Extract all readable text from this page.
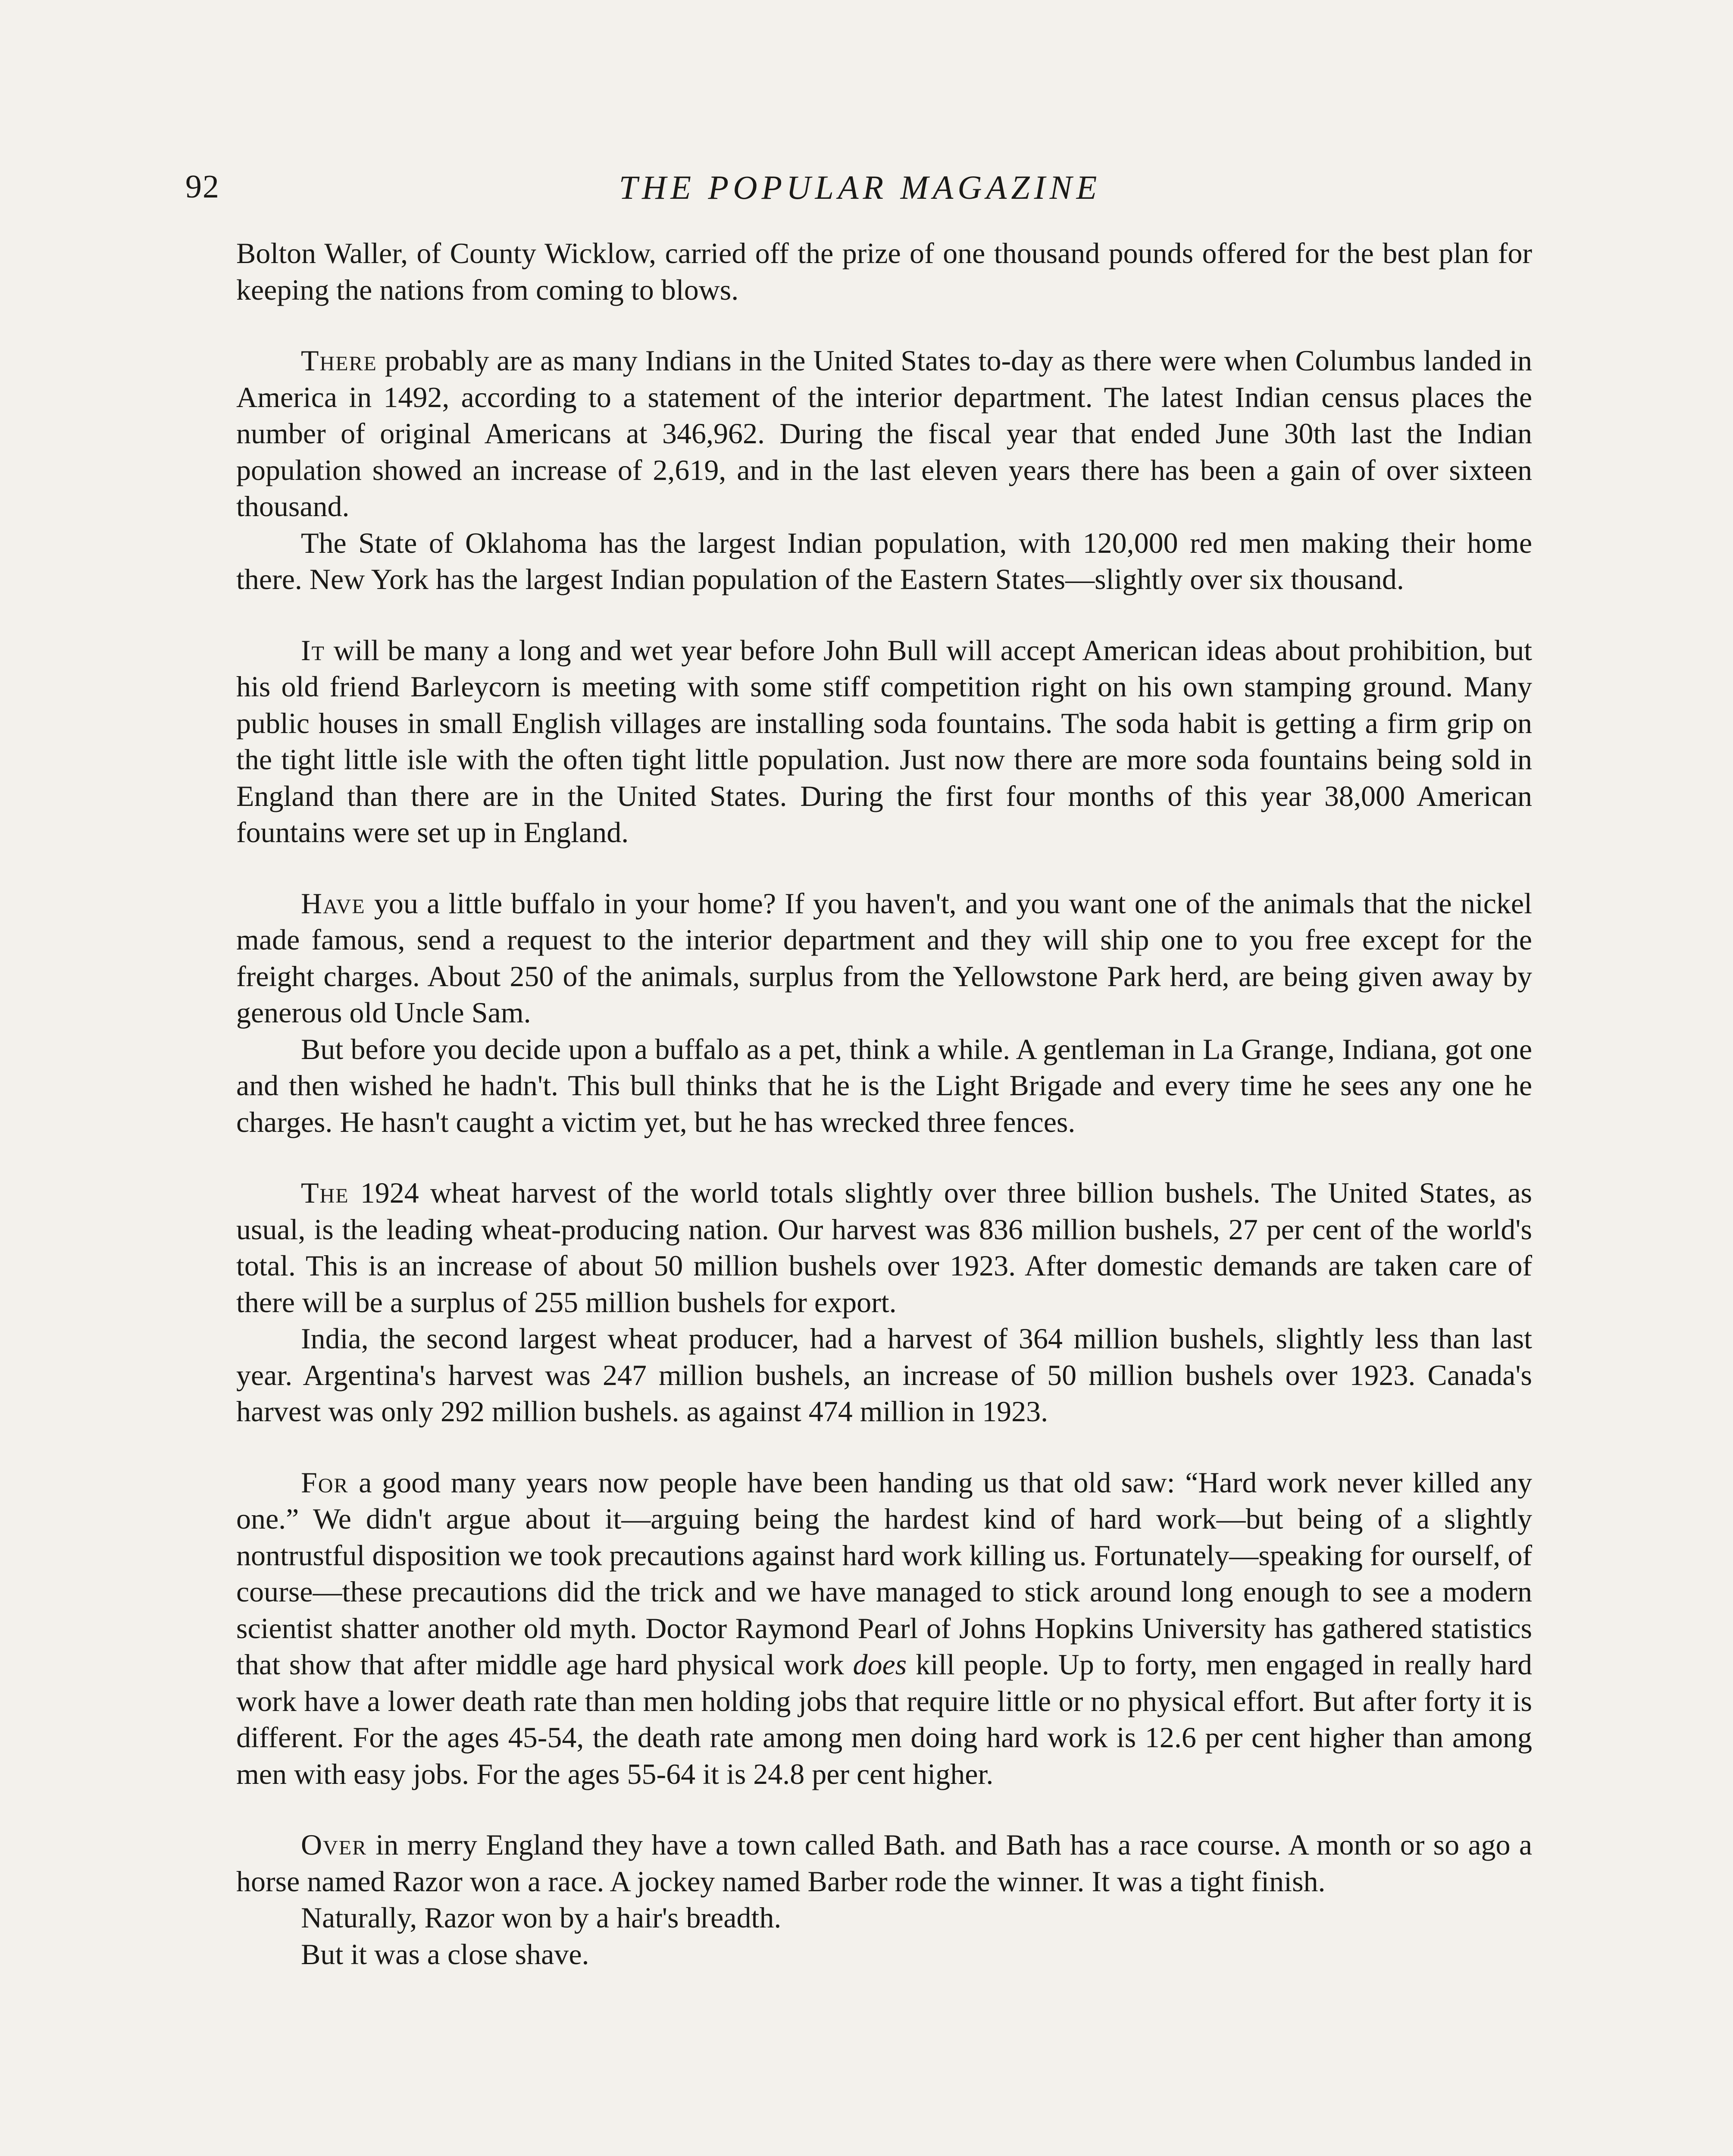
92	THE POPULAR MAGAZINE

Bolton Waller, of County Wicklow, carried off the prize of one thousand pounds offered for the best plan for keeping the nations from coming to blows.

There probably are as many Indians in the United States to-day as there were when Columbus landed in America in 1492, according to a statement of the interior department. The latest Indian census places the number of original Americans at 346,962. During the fiscal year that ended June 30th last the Indian population showed an increase of 2,619, and in the last eleven years there has been a gain of over sixteen thousand.

The State of Oklahoma has the largest Indian population, with 120,000 red men making their home there. New York has the largest Indian population of the Eastern States—slightly over six thousand.

It will be many a long and wet year before John Bull will accept American ideas about prohibition, but his old friend Barleycorn is meeting with some stiff competition right on his own stamping ground. Many public houses in small English villages are installing soda fountains. The soda habit is getting a firm grip on the tight little isle with the often tight little population. Just now there are more soda fountains being sold in England than there are in the United States. During the first four months of this year 38,000 American fountains were set up in England.

Have you a little buffalo in your home? If you haven't, and you want one of the animals that the nickel made famous, send a request to the interior department and they will ship one to you free except for the freight charges. About 250 of the animals, surplus from the Yellowstone Park herd, are being given away by generous old Uncle Sam.

But before you decide upon a buffalo as a pet, think a while. A gentleman in La Grange, Indiana, got one and then wished he hadn't. This bull thinks that he is the Light Brigade and every time he sees any one he charges. He hasn't caught a victim yet, but he has wrecked three fences.

The 1924 wheat harvest of the world totals slightly over three billion bushels. The United States, as usual, is the leading wheat-producing nation. Our harvest was 836 million bushels, 27 per cent of the world's total. This is an increase of about 50 million bushels over 1923. After domestic demands are taken care of there will be a surplus of 255 million bushels for export.

India, the second largest wheat producer, had a harvest of 364 million bushels, slightly less than last year. Argentina's harvest was 247 million bushels, an increase of 50 million bushels over 1923. Canada's harvest was only 292 million bushels. as against 474 million in 1923.

For a good many years now people have been handing us that old saw: “Hard work never killed any one.” We didn't argue about it—arguing being the hardest kind of hard work—but being of a slightly nontrustful disposition we took precautions against hard work killing us. Fortunately—speaking for ourself, of course—these precautions did the trick and we have managed to stick around long enough to see a modern scientist shatter another old myth. Doctor Raymond Pearl of Johns Hopkins University has gathered statistics that show that after middle age hard physical work does kill people. Up to forty, men engaged in really hard work have a lower death rate than men holding jobs that require little or no physical effort. But after forty it is different. For the ages 45-54, the death rate among men doing hard work is 12.6 per cent higher than among men with easy jobs. For the ages 55-64 it is 24.8 per cent higher.

Over in merry England they have a town called Bath. and Bath has a race course. A month or so ago a horse named Razor won a race. A jockey named Barber rode the winner. It was a tight finish.

Naturally, Razor won by a hair's breadth.

But it was a close shave.
